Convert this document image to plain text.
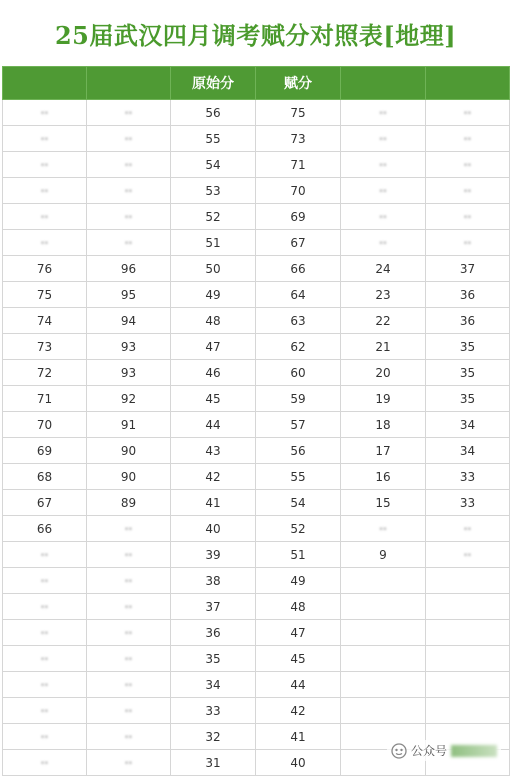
25届武汉四月调考赋分对照表[地理]
		原始分	赋分		
··	··	56	75	··	··
··	··	55	73	··	··
··	··	54	71	··	··
··	··	53	70	··	··
··	··	52	69	··	··
··	··	51	67	··	··
76	96	50	66	24	37
75	95	49	64	23	36
74	94	48	63	22	36
73	93	47	62	21	35
72	93	46	60	20	35
71	92	45	59	19	35
70	91	44	57	18	34
69	90	43	56	17	34
68	90	42	55	16	33
67	89	41	54	15	33
66	··	40	52	··	··
··	··	39	51	9	··
··	··	38	49		
··	··	37	48		
··	··	36	47		
··	··	35	45		
··	··	34	44		
··	··	33	42		
··	··	32	41		
··	··	31	40		
公众号
